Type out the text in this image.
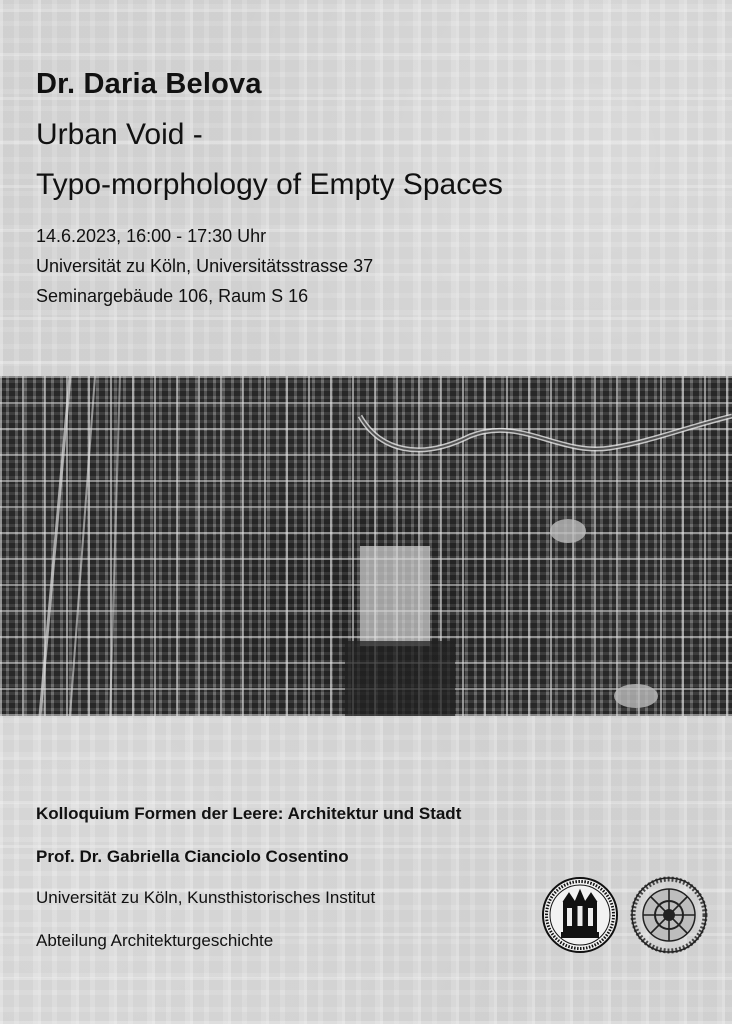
Dr. Daria Belova
Urban Void -
Typo-morphology of Empty Spaces
14.6.2023, 16:00 - 17:30 Uhr
Universität zu Köln, Universitätsstrasse 37
Seminargebäude 106, Raum S 16
Kolloquium Formen der Leere: Architektur und Stadt
Prof. Dr. Gabriella Cianciolo Cosentino
Universität zu Köln, Kunsthistorisches Institut
Abteilung Architekturgeschichte
